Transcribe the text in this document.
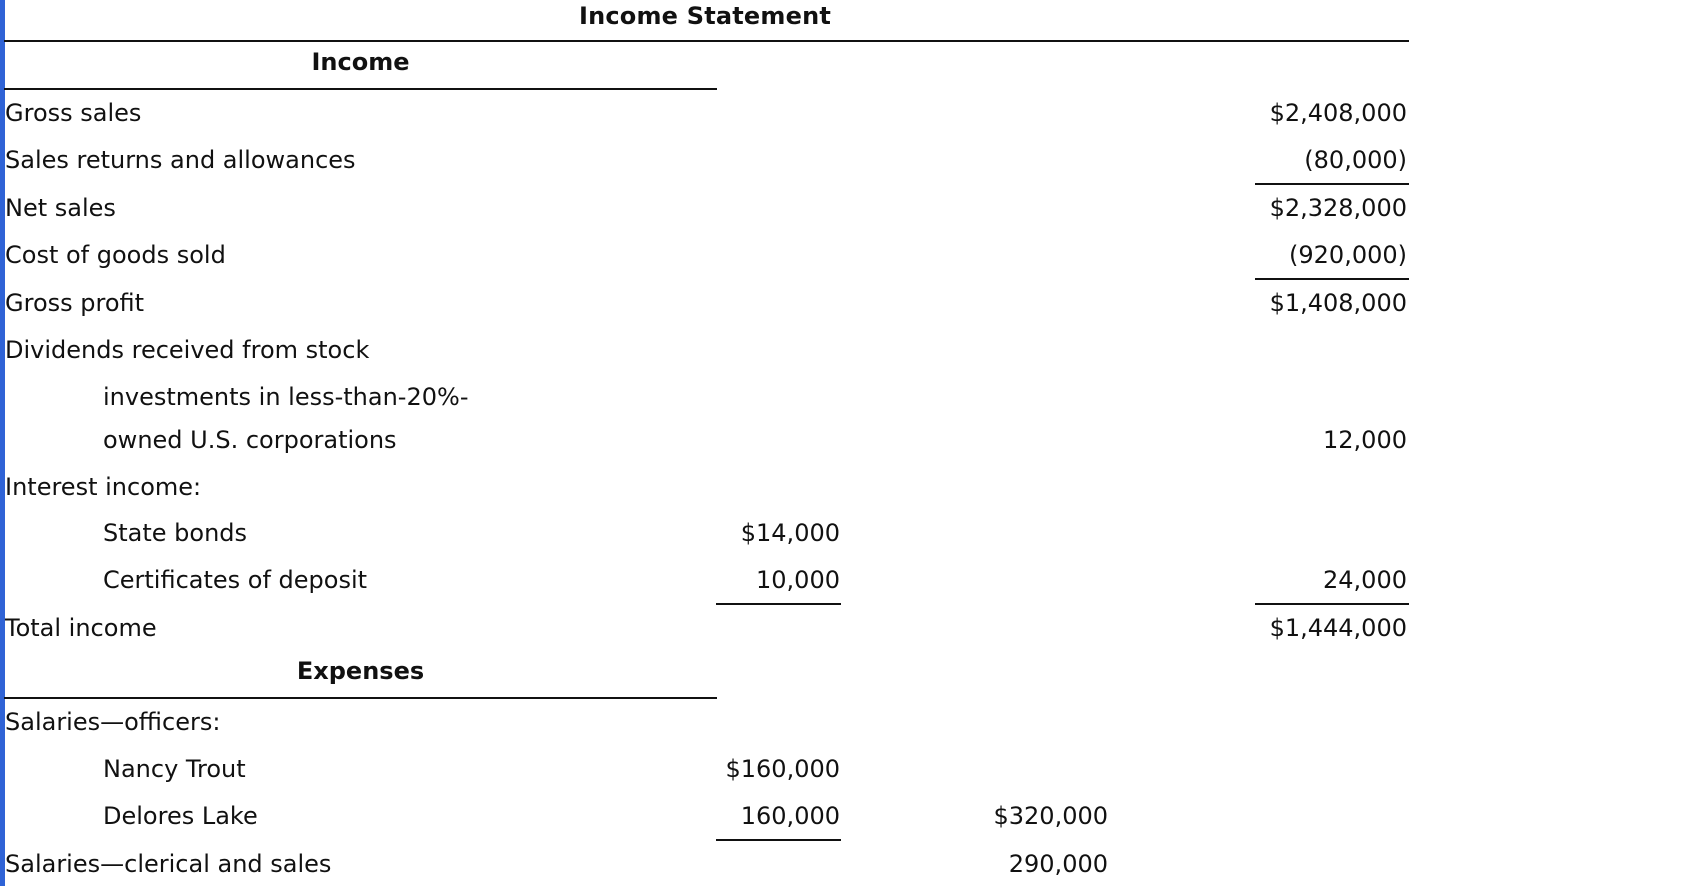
Income Statement
Income
Gross sales	$2,408,000
Sales returns and allowances	(80,000)
Net sales	$2,328,000
Cost of goods sold	(920,000)
Gross profit	$1,408,000
Dividends received from stock
investments in less-than-20%-
owned U.S. corporations	12,000
Interest income:
State bonds	$14,000
Certificates of deposit	10,000	24,000
Total income	$1,444,000
Expenses
Salaries—officers:
Nancy Trout	$160,000
Delores Lake	160,000	$320,000
Salaries—clerical and sales	290,000
